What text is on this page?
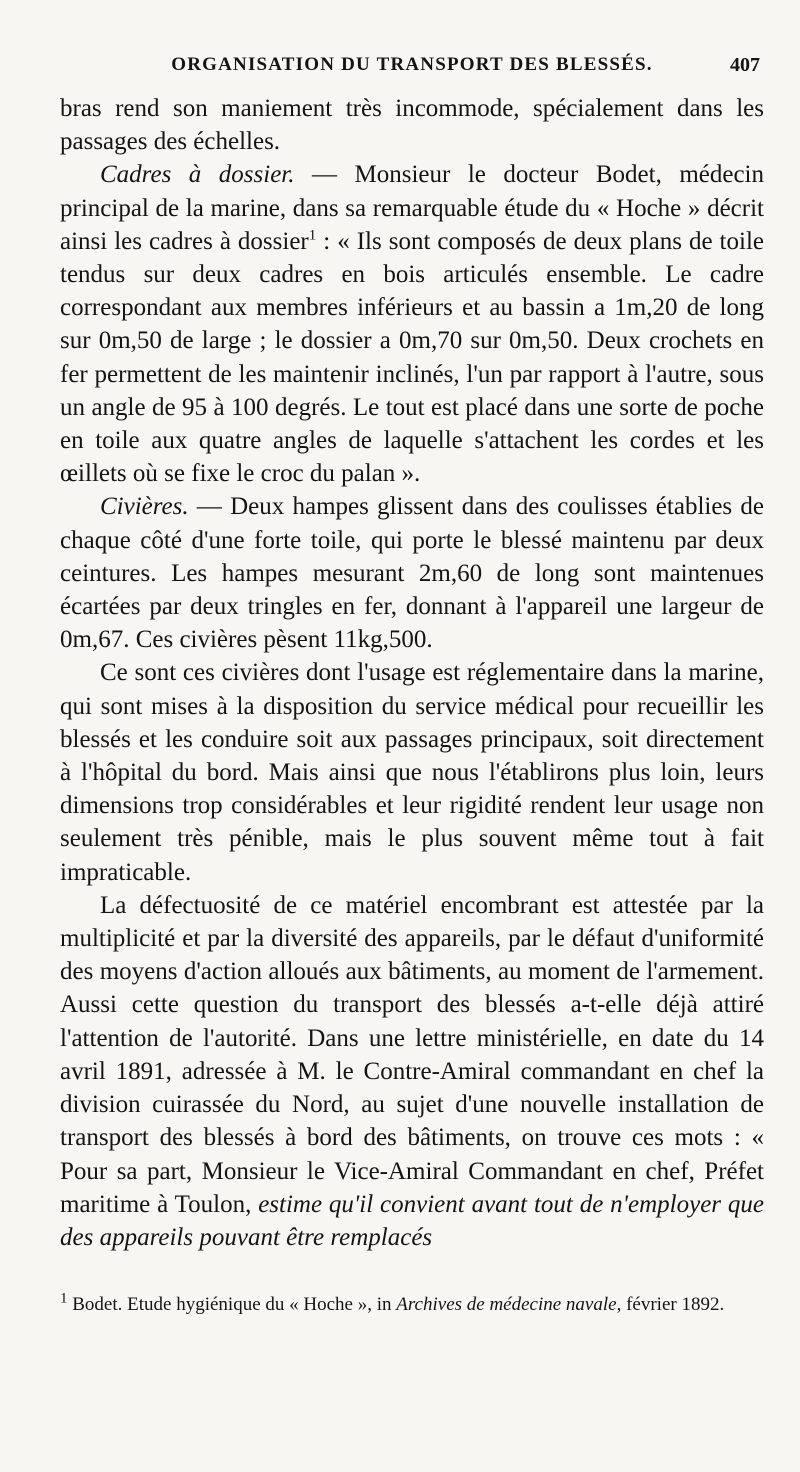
ORGANISATION DU TRANSPORT DES BLESSÉS.	407

bras rend son maniement très incommode, spécialement dans les passages des échelles.

Cadres à dossier. — Monsieur le docteur Bodet, médecin principal de la marine, dans sa remarquable étude du « Hoche » décrit ainsi les cadres à dossier$^1$ : « Ils sont composés de deux plans de toile tendus sur deux cadres en bois articulés ensemble. Le cadre correspondant aux membres inférieurs et au bassin a 1m,20 de long sur 0m,50 de large ; le dossier a 0m,70 sur 0m,50. Deux crochets en fer permettent de les maintenir inclinés, l'un par rapport à l'autre, sous un angle de 95 à 100 degrés. Le tout est placé dans une sorte de poche en toile aux quatre angles de laquelle s'attachent les cordes et les œillets où se fixe le croc du palan ».

Civières. — Deux hampes glissent dans des coulisses établies de chaque côté d'une forte toile, qui porte le blessé maintenu par deux ceintures. Les hampes mesurant 2m,60 de long sont maintenues écartées par deux tringles en fer, donnant à l'appareil une largeur de 0m,67. Ces civières pèsent 11kg,500.

Ce sont ces civières dont l'usage est réglementaire dans la marine, qui sont mises à la disposition du service médical pour recueillir les blessés et les conduire soit aux passages principaux, soit directement à l'hôpital du bord. Mais ainsi que nous l'établirons plus loin, leurs dimensions trop considérables et leur rigidité rendent leur usage non seulement très pénible, mais le plus souvent même tout à fait impraticable.

La défectuosité de ce matériel encombrant est attestée par la multiplicité et par la diversité des appareils, par le défaut d'uniformité des moyens d'action alloués aux bâtiments, au moment de l'armement. Aussi cette question du transport des blessés a-t-elle déjà attiré l'attention de l'autorité. Dans une lettre ministérielle, en date du 14 avril 1891, adressée à M. le Contre-Amiral commandant en chef la division cuirassée du Nord, au sujet d'une nouvelle installation de transport des blessés à bord des bâtiments, on trouve ces mots : « Pour sa part, Monsieur le Vice-Amiral Commandant en chef, Préfet maritime à Toulon, estime qu'il convient avant tout de n'employer que des appareils pouvant être remplacés

$^1$ Bodet. Etude hygiénique du « Hoche », in Archives de médecine navale, février 1892.
